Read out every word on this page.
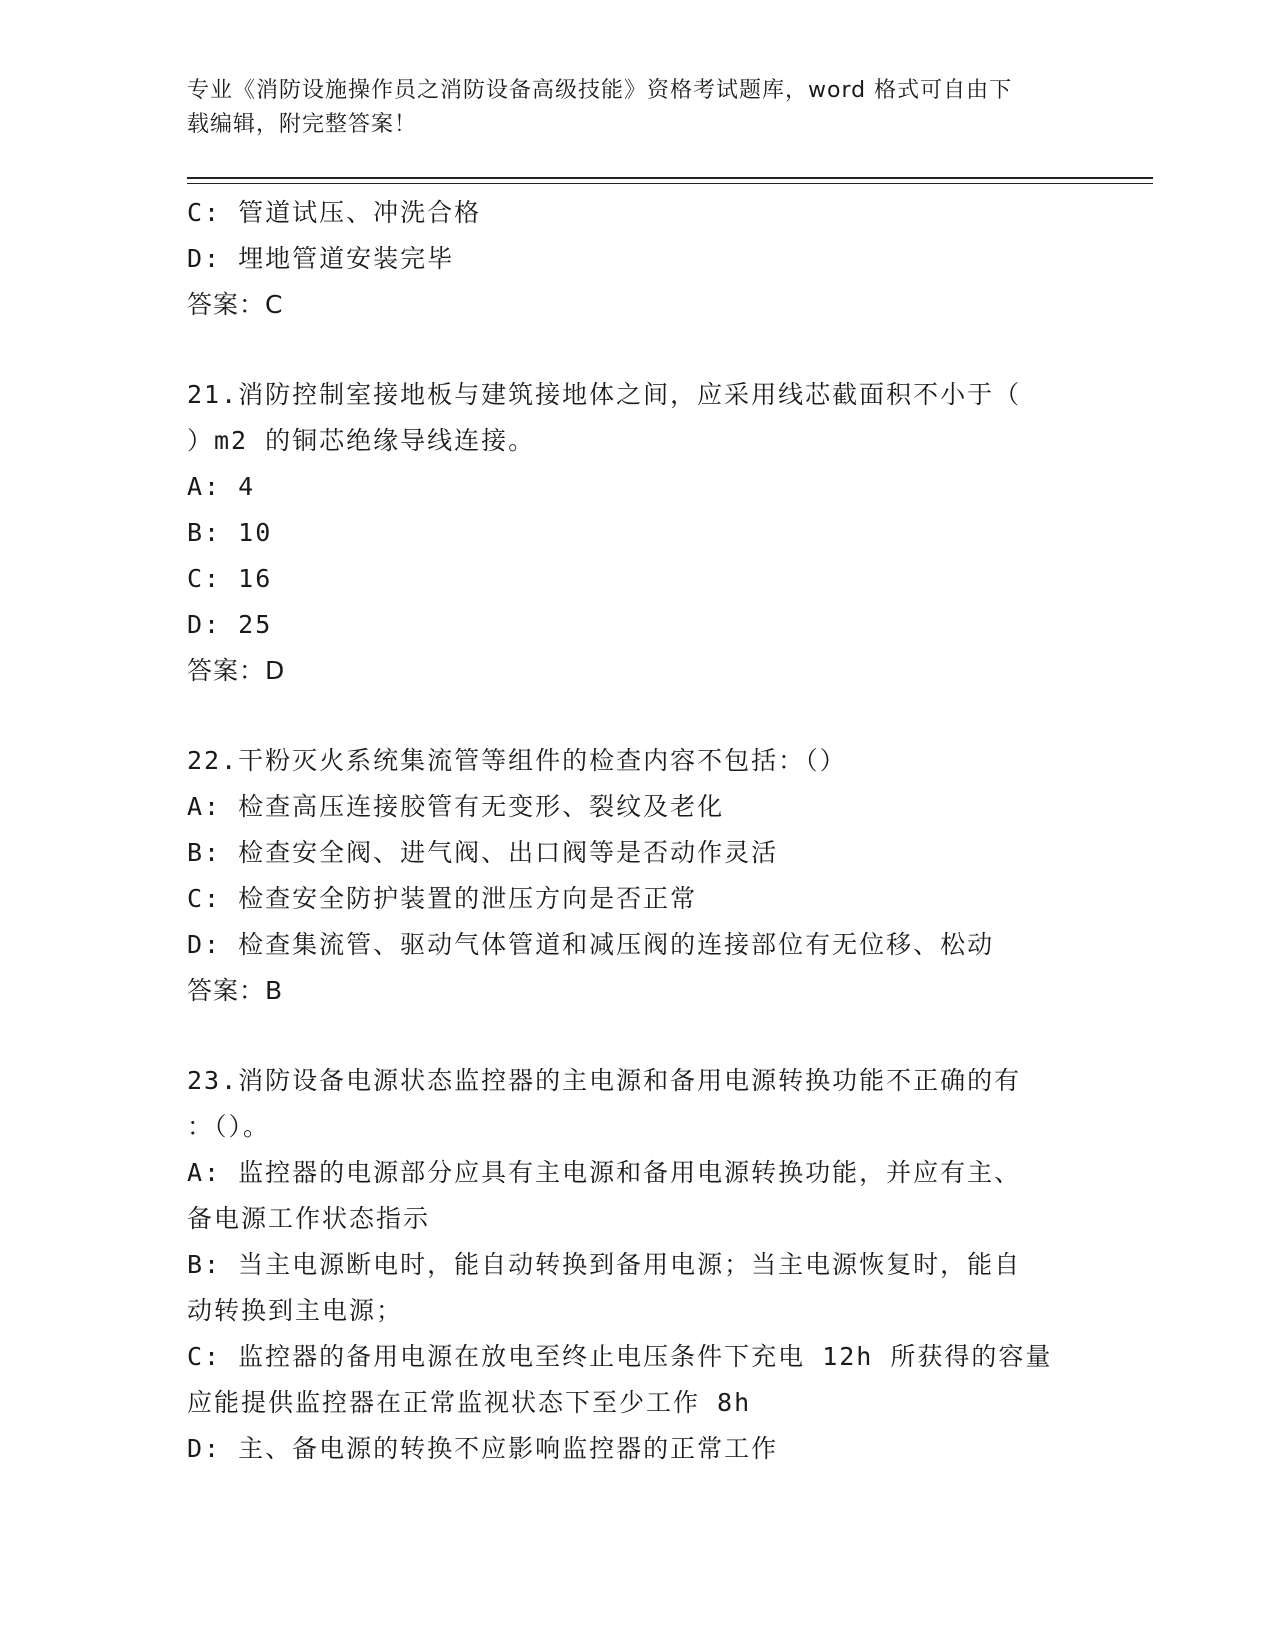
专业《消防设施操作员之消防设备高级技能》资格考试题库，word 格式可自由下
载编辑，附完整答案！
C: 管道试压、冲洗合格
D: 埋地管道安装完毕
答案：C
21.消防控制室接地板与建筑接地体之间，应采用线芯截面积不小于（
）m2 的铜芯绝缘导线连接。
A: 4
B: 10
C: 16
D: 25
答案：D
22.干粉灭火系统集流管等组件的检查内容不包括：（）
A: 检查高压连接胶管有无变形、裂纹及老化
B: 检查安全阀、进气阀、出口阀等是否动作灵活
C: 检查安全防护装置的泄压方向是否正常
D: 检查集流管、驱动气体管道和减压阀的连接部位有无位移、松动
答案：B
23.消防设备电源状态监控器的主电源和备用电源转换功能不正确的有
：（）。
A: 监控器的电源部分应具有主电源和备用电源转换功能，并应有主、
备电源工作状态指示
B: 当主电源断电时，能自动转换到备用电源；当主电源恢复时，能自
动转换到主电源；
C: 监控器的备用电源在放电至终止电压条件下充电 12h 所获得的容量
应能提供监控器在正常监视状态下至少工作 8h
D: 主、备电源的转换不应影响监控器的正常工作
